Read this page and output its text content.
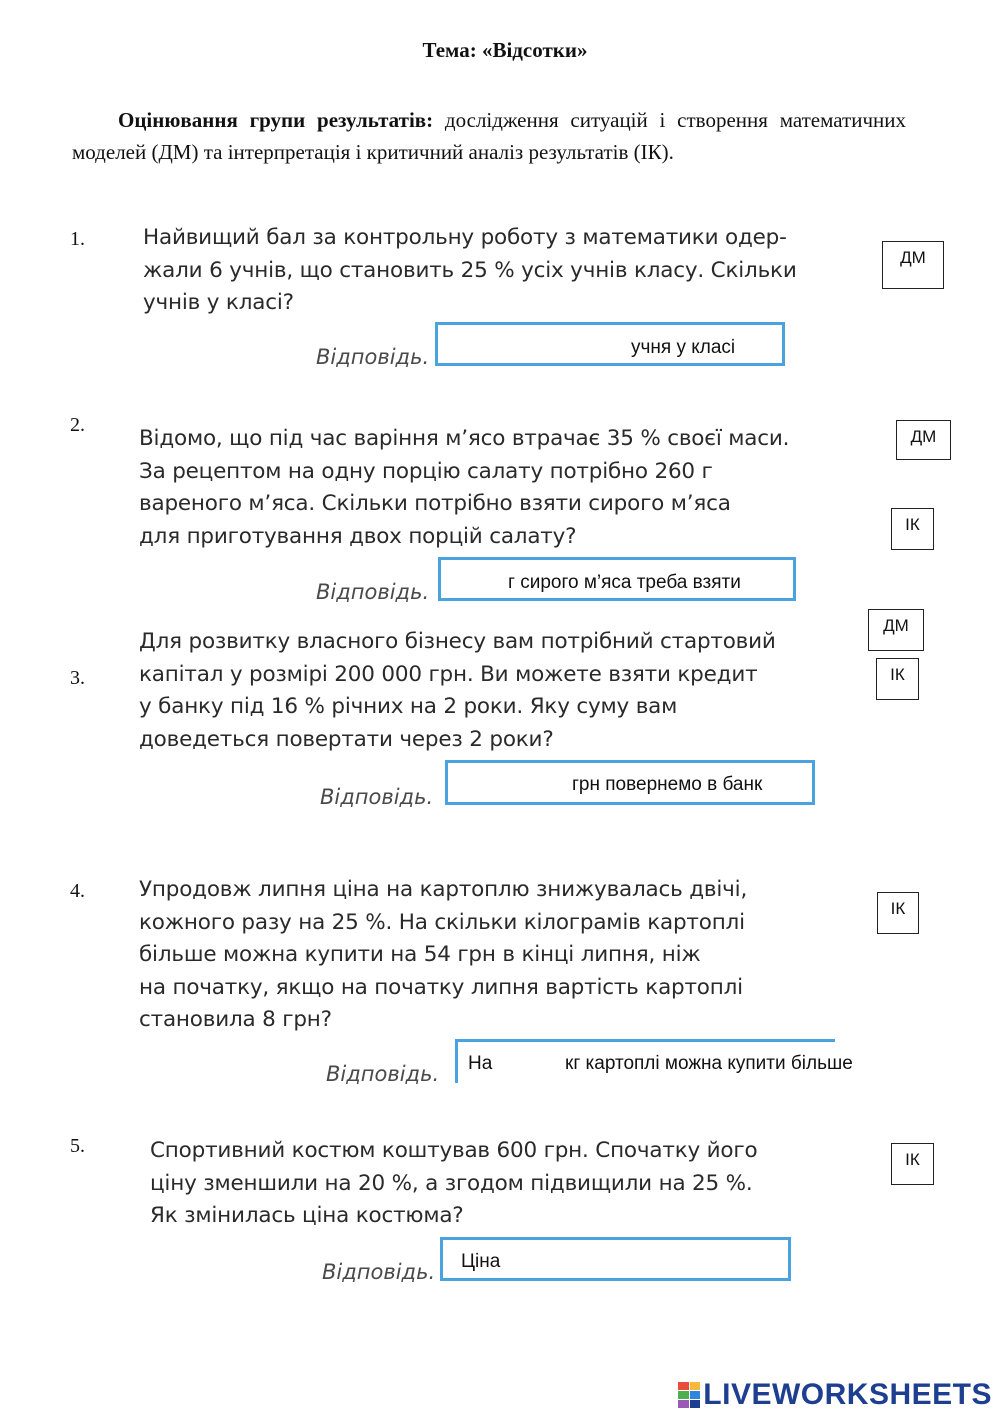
Тема: «Відсотки»
Оцінювання групи результатів: дослідження ситуацій і створення математичних моделей (ДМ) та інтерпретація і критичний аналіз результатів (ІК).
1.	Найвищий бал за контрольну роботу з математики одер-
жали 6 учнів, що становить 25 % усіх учнів класу. Скільки
учнів у класі?
Відповідь.	учня у класі
ДМ
2.
Відомо, що під час варіння м’ясо втрачає 35 % своєї маси.
За рецептом на одну порцію салату потрібно 260 г
вареного м’яса. Скільки потрібно взяти сирого м’яса
для приготування двох порцій салату?
Відповідь.	г сирого м’яса треба взяти
ДМ
ІК
3.
Для розвитку власного бізнесу вам потрібний стартовий
капітал у розмірі 200 000 грн. Ви можете взяти кредит
у банку під 16 % річних на 2 роки. Яку суму вам
доведеться повертати через 2 роки?
Відповідь.
грн повернемо в банк
ДМ
ІК
4.	Упродовж липня ціна на картоплю знижувалась двічі,
кожного разу на 25 %. На скільки кілограмів картоплі
більше можна купити на 54 грн в кінці липня, ніж
на початку, якщо на початку липня вартість картоплі
становила 8 грн?
Відповідь. На	кг картоплі можна купити більше
ІК
5.	Спортивний костюм коштував 600 грн. Спочатку його
ціну зменшили на 20 %, а згодом підвищили на 25 %.
Як змінилась ціна костюма?
Відповідь. Ціна
ІК
LIVEWORKSHEETS
